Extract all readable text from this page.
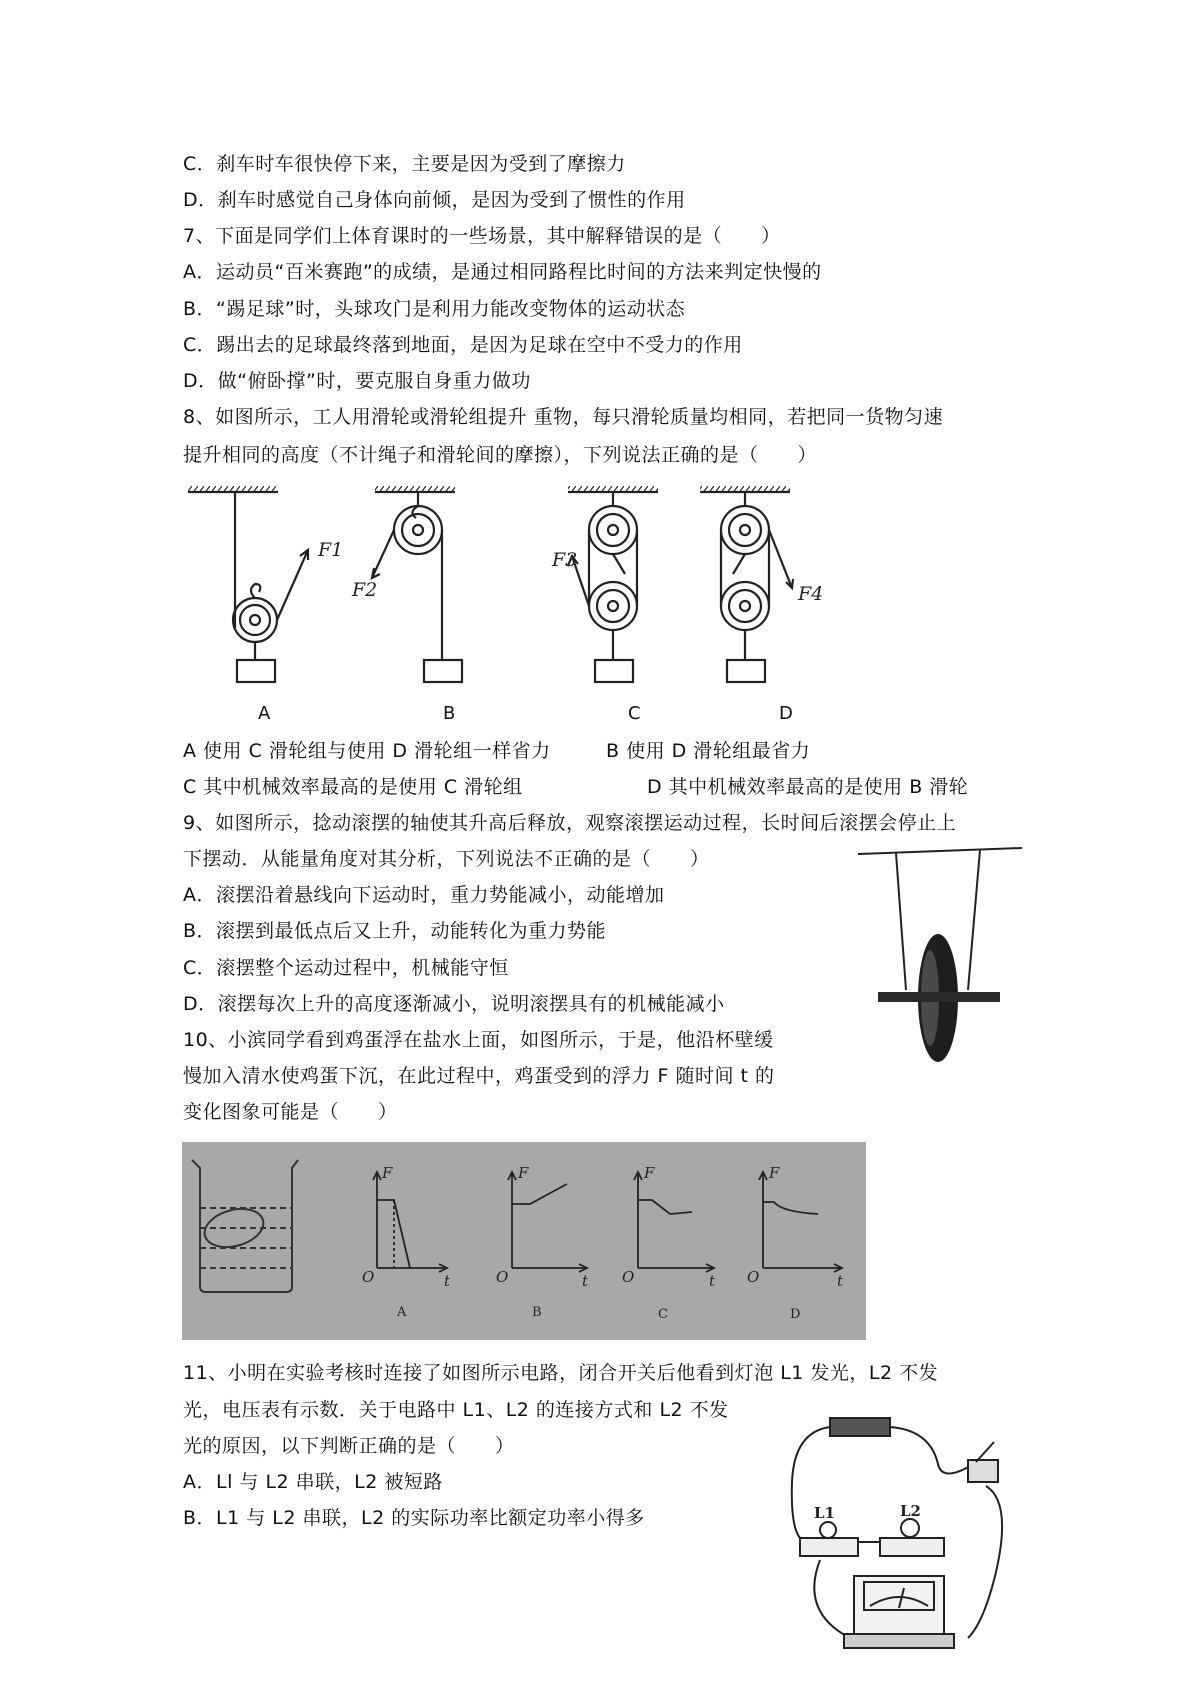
C．刹车时车很快停下来，主要是因为受到了摩擦力
D．刹车时感觉自己身体向前倾，是因为受到了惯性的作用
7、下面是同学们上体育课时的一些场景，其中解释错误的是（　　）
A．运动员“百米赛跑”的成绩，是通过相同路程比时间的方法来判定快慢的
B．“踢足球”时，头球攻门是利用力能改变物体的运动状态
C．踢出去的足球最终落到地面，是因为足球在空中不受力的作用
D．做“俯卧撑”时，要克服自身重力做功
8、如图所示，工人用滑轮或滑轮组提升 重物，每只滑轮质量均相同，若把同一货物匀速
提升相同的高度（不计绳子和滑轮间的摩擦），下列说法正确的是（　　）
F1
F2
F3
F4
A	B	C	D
A 使用 C 滑轮组与使用 D 滑轮组一样省力	B 使用 D 滑轮组最省力
C 其中机械效率最高的是使用 C 滑轮组	D 其中机械效率最高的是使用 B 滑轮
9、如图所示，捻动滚摆的轴使其升高后释放，观察滚摆运动过程，长时间后滚摆会停止上
下摆动．从能量角度对其分析，下列说法不正确的是（　　）
A．滚摆沿着悬线向下运动时，重力势能减小，动能增加
B．滚摆到最低点后又上升，动能转化为重力势能
C．滚摆整个运动过程中，机械能守恒
D．滚摆每次上升的高度逐渐减小，说明滚摆具有的机械能减小
10、小滨同学看到鸡蛋浮在盐水上面，如图所示，于是，他沿杯壁缓
慢加入清水使鸡蛋下沉，在此过程中，鸡蛋受到的浮力 F 随时间 t 的
变化图象可能是（　　）
F
O	t
F
O	t
F
O	t
F
O	t
A	B	C	D
11、小明在实验考核时连接了如图所示电路，闭合开关后他看到灯泡 L1 发光，L2 不发
光，电压表有示数．关于电路中 L1、L2 的连接方式和 L2 不发
光的原因，以下判断正确的是（　　）
A．Ll 与 L2 串联，L2 被短路
B．L1 与 L2 串联，L2 的实际功率比额定功率小得多	L1	L2
